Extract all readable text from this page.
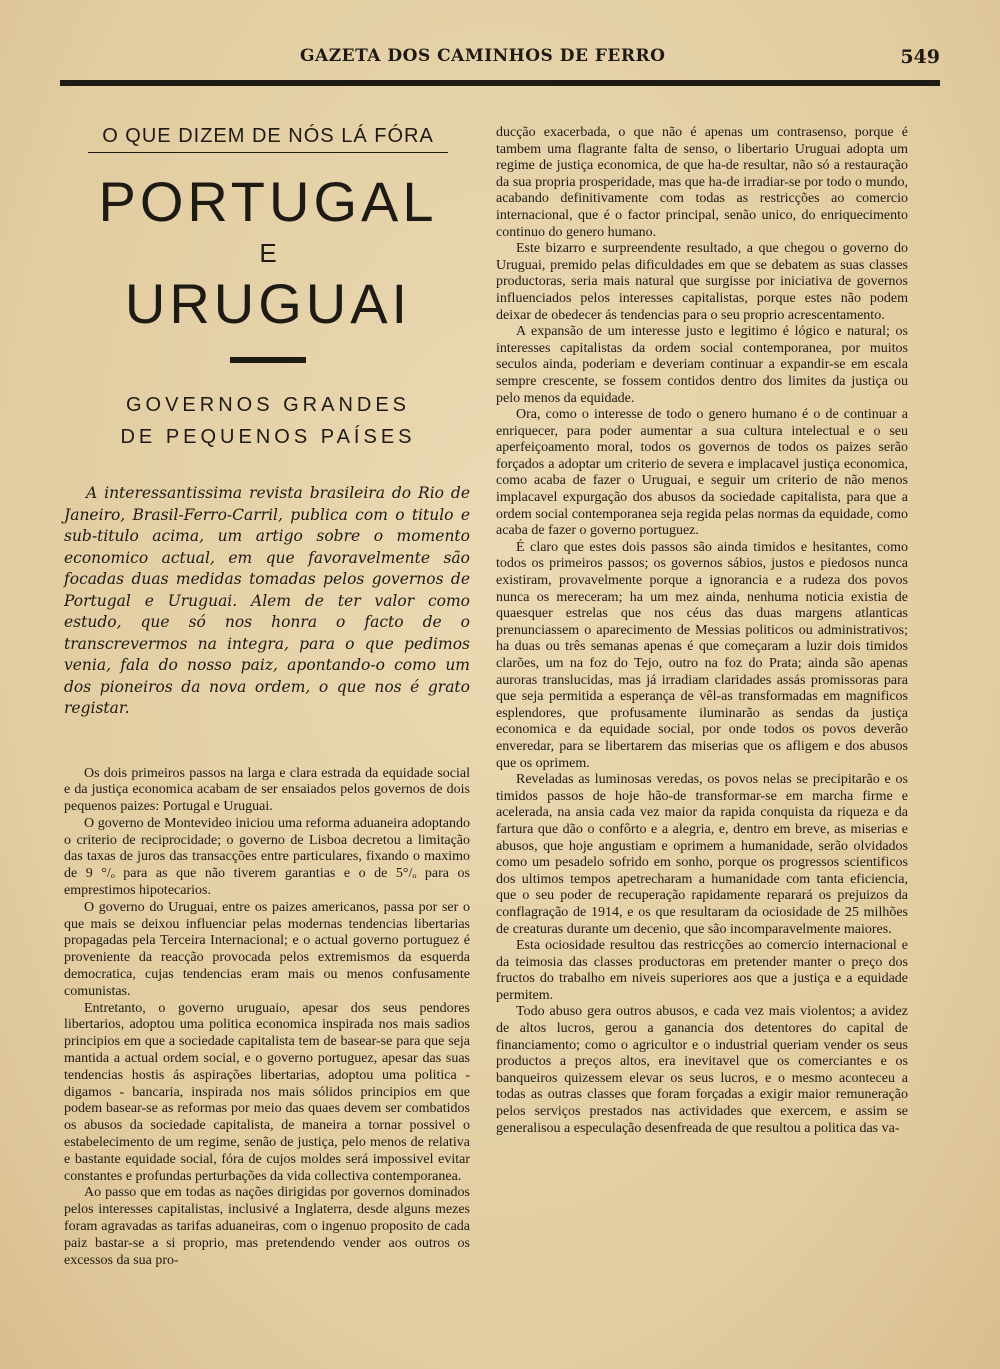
GAZETA DOS CAMINHOS DE FERRO	549

O QUE DIZEM DE NÓS LÁ FÓRA

PORTUGAL

E

URUGUAI

GOVERNOS GRANDES

DE PEQUENOS PAÍSES

A interessantissima revista brasileira do Rio de Janeiro, Brasil-Ferro-Carril, publica com o titulo e sub-titulo acima, um artigo sobre o momento economico actual, em que favoravelmente são focadas duas medidas tomadas pelos governos de Portugal e Uruguai. Alem de ter valor como estudo, que só nos honra o facto de o transcrevermos na integra, para o que pedimos venia, fala do nosso paiz, apontando-o como um dos pioneiros da nova ordem, o que nos é grato registar.

Os dois primeiros passos na larga e clara estrada da equidade social e da justiça economica acabam de ser ensaiados pelos governos de dois pequenos paizes: Portugal e Uruguai.

O governo de Montevideo iniciou uma reforma aduaneira adoptando o criterio de reciprocidade; o governo de Lisboa decretou a limitação das taxas de juros das transacções entre particulares, fixando o maximo de 9 °/ₒ para as que não tiverem garantias e o de 5°/ₒ para os emprestimos hipotecarios.

O governo do Uruguai, entre os paizes americanos, passa por ser o que mais se deixou influenciar pelas modernas tendencias libertarias propagadas pela Terceira Internacional; e o actual governo portuguez é proveniente da reacção provocada pelos extremismos da esquerda democratica, cujas tendencias eram mais ou menos confusamente comunistas.

Entretanto, o governo uruguaio, apesar dos seus pendores libertarios, adoptou uma politica economica inspirada nos mais sadios principios em que a sociedade capitalista tem de basear-se para que seja mantida a actual ordem social, e o governo portuguez, apesar das suas tendencias hostis ás aspirações libertarias, adoptou uma politica - digamos - bancaria, inspirada nos mais sólidos principios em que podem basear-se as reformas por meio das quaes devem ser combatidos os abusos da sociedade capitalista, de maneira a tornar possivel o estabelecimento de um regime, senão de justiça, pelo menos de relativa e bastante equidade social, fóra de cujos moldes será impossivel evitar constantes e profundas perturbações da vida collectiva contemporanea.

Ao passo que em todas as nações dirigidas por governos dominados pelos interesses capitalistas, inclusivé a Inglaterra, desde alguns mezes foram agravadas as tarifas aduaneiras, com o ingenuo proposito de cada paiz bastar-se a si proprio, mas pretendendo vender aos outros os excessos da sua pro-

ducção exacerbada, o que não é apenas um contrasenso, porque é tambem uma flagrante falta de senso, o libertario Uruguai adopta um regime de justiça economica, de que ha-de resultar, não só a restauração da sua propria prosperidade, mas que ha-de irradiar-se por todo o mundo, acabando definitivamente com todas as restricções ao comercio internacional, que é o factor principal, senão unico, do enriquecimento continuo do genero humano.

Este bizarro e surpreendente resultado, a que chegou o governo do Uruguai, premido pelas dificuldades em que se debatem as suas classes productoras, seria mais natural que surgisse por iniciativa de governos influenciados pelos interesses capitalistas, porque estes não podem deixar de obedecer ás tendencias para o seu proprio acrescentamento.

A expansão de um interesse justo e legitimo é lógico e natural; os interesses capitalistas da ordem social contemporanea, por muitos seculos ainda, poderiam e deveriam continuar a expandir-se em escala sempre crescente, se fossem contidos dentro dos limites da justiça ou pelo menos da equidade.

Ora, como o interesse de todo o genero humano é o de continuar a enriquecer, para poder aumentar a sua cultura intelectual e o seu aperfeiçoamento moral, todos os governos de todos os paizes serão forçados a adoptar um criterio de severa e implacavel justiça economica, como acaba de fazer o Uruguai, e seguir um criterio de não menos implacavel expurgação dos abusos da sociedade capitalista, para que a ordem social contemporanea seja regida pelas normas da equidade, como acaba de fazer o governo portuguez.

É claro que estes dois passos são ainda timidos e hesitantes, como todos os primeiros passos; os governos sábios, justos e piedosos nunca existiram, provavelmente porque a ignorancia e a rudeza dos povos nunca os mereceram; ha um mez ainda, nenhuma noticia existia de quaesquer estrelas que nos céus das duas margens atlanticas prenunciassem o aparecimento de Messias politicos ou administrativos; ha duas ou três semanas apenas é que começaram a luzir dois timidos clarões, um na foz do Tejo, outro na foz do Prata; ainda são apenas auroras translucidas, mas já irradiam claridades assás promissoras para que seja permitida a esperança de vêl-as transformadas em magnificos esplendores, que profusamente iluminarão as sendas da justiça economica e da equidade social, por onde todos os povos deverão enveredar, para se libertarem das miserias que os afligem e dos abusos que os oprimem.

Reveladas as luminosas veredas, os povos nelas se precipitarão e os timidos passos de hoje hão-de transformar-se em marcha firme e acelerada, na ansia cada vez maior da rapida conquista da riqueza e da fartura que dão o confôrto e a alegria, e, dentro em breve, as miserias e abusos, que hoje angustiam e oprimem a humanidade, serão olvidados como um pesadelo sofrido em sonho, porque os progressos scientificos dos ultimos tempos apetrecharam a humanidade com tanta eficiencia, que o seu poder de recuperação rapidamente reparará os prejuizos da conflagração de 1914, e os que resultaram da ociosidade de 25 milhões de creaturas durante um decenio, que são incomparavelmente maiores.

Esta ociosidade resultou das restricções ao comercio internacional e da teimosia das classes productoras em pretender manter o preço dos fructos do trabalho em niveis superiores aos que a justiça e a equidade permitem.

Todo abuso gera outros abusos, e cada vez mais violentos; a avidez de altos lucros, gerou a ganancia dos detentores do capital de financiamento; como o agricultor e o industrial queriam vender os seus productos a preços altos, era inevitavel que os comerciantes e os banqueiros quizessem elevar os seus lucros, e o mesmo aconteceu a todas as outras classes que foram forçadas a exigir maior remuneração pelos serviços prestados nas actividades que exercem, e assim se generalisou a especulação desenfreada de que resultou a politica das va-
